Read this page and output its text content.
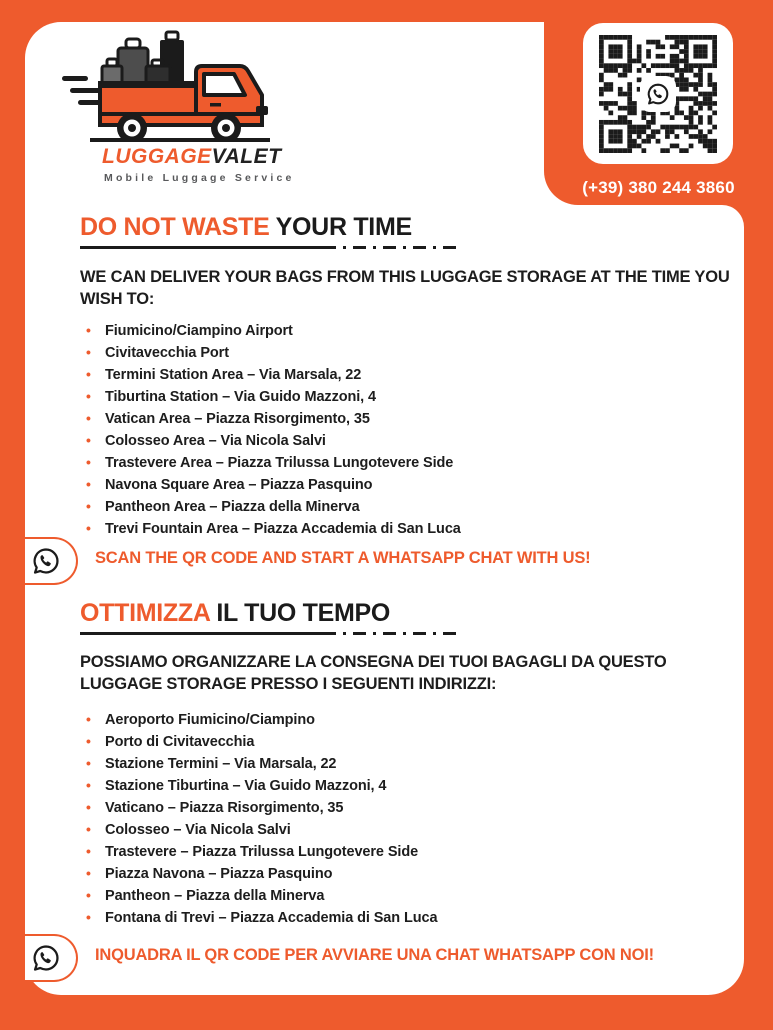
(+39) 380 244 3860
LUGGAGEVALET
Mobile Luggage Service
DO NOT WASTE YOUR TIME
WE CAN DELIVER YOUR BAGS FROM THIS LUGGAGE STORAGE AT THE TIME YOU WISH TO:
• Fiumicino/Ciampino Airport
• Civitavecchia Port
• Termini Station Area – Via Marsala, 22
• Tiburtina Station – Via Guido Mazzoni, 4
• Vatican Area – Piazza Risorgimento, 35
• Colosseo Area – Via Nicola Salvi
• Trastevere Area – Piazza Trilussa Lungotevere Side
• Navona Square Area – Piazza Pasquino
• Pantheon Area – Piazza della Minerva
• Trevi Fountain Area – Piazza Accademia di San Luca
SCAN THE QR CODE AND START A WHATSAPP CHAT WITH US!
OTTIMIZZA IL TUO TEMPO
POSSIAMO ORGANIZZARE LA CONSEGNA DEI TUOI BAGAGLI DA QUESTO LUGGAGE STORAGE PRESSO I SEGUENTI INDIRIZZI:
• Aeroporto Fiumicino/Ciampino
• Porto di Civitavecchia
• Stazione Termini – Via Marsala, 22
• Stazione Tiburtina – Via Guido Mazzoni, 4
• Vaticano – Piazza Risorgimento, 35
• Colosseo – Via Nicola Salvi
• Trastevere – Piazza Trilussa Lungotevere Side
• Piazza Navona – Piazza Pasquino
• Pantheon – Piazza della Minerva
• Fontana di Trevi – Piazza Accademia di San Luca
INQUADRA IL QR CODE PER AVVIARE UNA CHAT WHATSAPP CON NOI!
